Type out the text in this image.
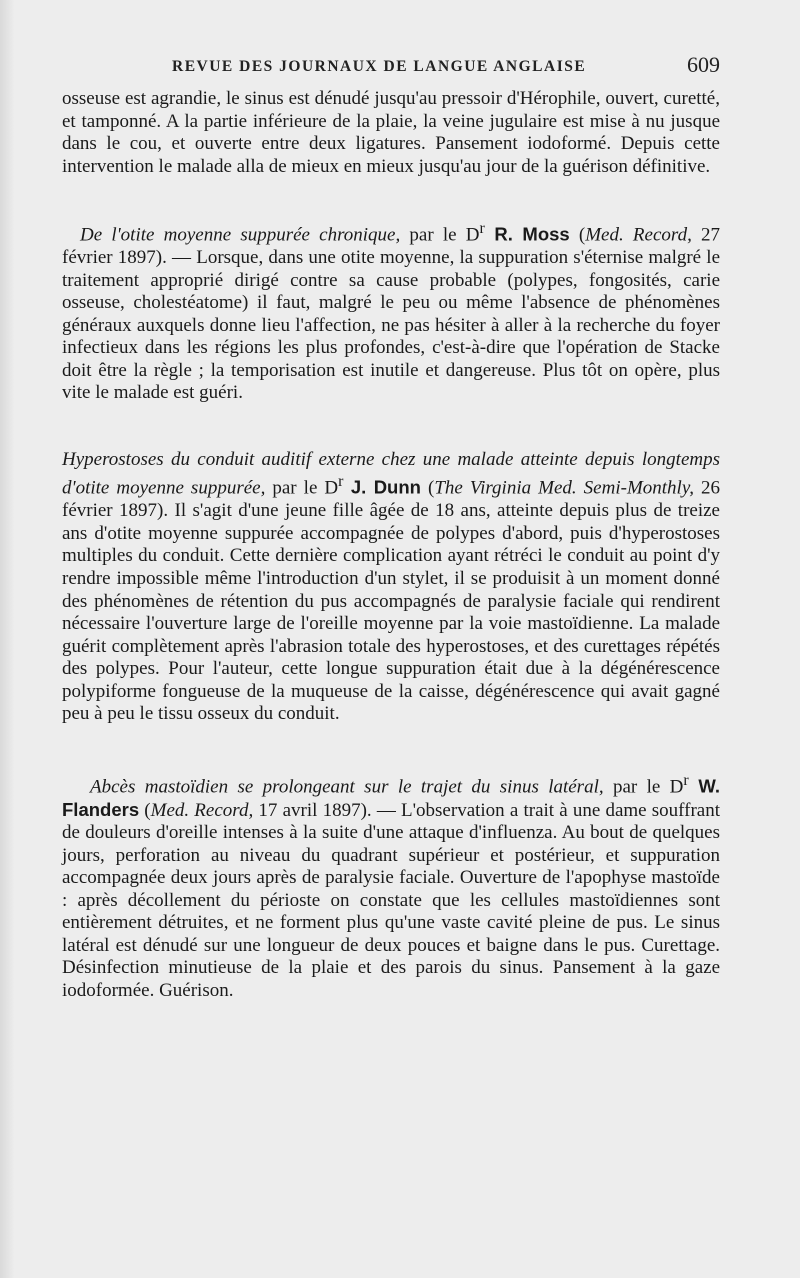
REVUE DES JOURNAUX DE LANGUE ANGLAISE	609

osseuse est agrandie, le sinus est dénudé jusqu'au pressoir d'Hérophile, ouvert, curetté, et tamponné. A la partie inférieure de la plaie, la veine jugulaire est mise à nu jusque dans le cou, et ouverte entre deux ligatures. Pansement iodoformé. Depuis cette intervention le malade alla de mieux en mieux jusqu'au jour de la guérison définitive.

De l'otite moyenne suppurée chronique, par le $D^r$ R. Moss (Med. Record, 27 février 1897). — Lorsque, dans une otite moyenne, la suppuration s'éternise malgré le traitement approprié dirigé contre sa cause probable (polypes, fongosités, carie osseuse, cholestéatome) il faut, malgré le peu ou même l'absence de phénomènes généraux auxquels donne lieu l'affection, ne pas hésiter à aller à la recherche du foyer infectieux dans les régions les plus profondes, c'est-à-dire que l'opération de Stacke doit être la règle ; la temporisation est inutile et dangereuse. Plus tôt on opère, plus vite le malade est guéri.

Hyperostoses du conduit auditif externe chez une malade atteinte depuis longtemps d'otite moyenne suppurée, par le $D^r$ J. Dunn (The Virginia Med. Semi-Monthly, 26 février 1897). Il s'agit d'une jeune fille âgée de 18 ans, atteinte depuis plus de treize ans d'otite moyenne suppurée accompagnée de polypes d'abord, puis d'hyperostoses multiples du conduit. Cette dernière complication ayant rétréci le conduit au point d'y rendre impossible même l'introduction d'un stylet, il se produisit à un moment donné des phénomènes de rétention du pus accompagnés de paralysie faciale qui rendirent nécessaire l'ouverture large de l'oreille moyenne par la voie mastoïdienne. La malade guérit complètement après l'abrasion totale des hyperostoses, et des curettages répétés des polypes. Pour l'auteur, cette longue suppuration était due à la dégénérescence polypiforme fongueuse de la muqueuse de la caisse, dégénérescence qui avait gagné peu à peu le tissu osseux du conduit.

Abcès mastoïdien se prolongeant sur le trajet du sinus latéral, par le $D^r$ W. Flanders (Med. Record, 17 avril 1897). — L'observation a trait à une dame souffrant de douleurs d'oreille intenses à la suite d'une attaque d'influenza. Au bout de quelques jours, perforation au niveau du quadrant supérieur et postérieur, et suppuration accompagnée deux jours après de paralysie faciale. Ouverture de l'apophyse mastoïde : après décollement du périoste on constate que les cellules mastoïdiennes sont entièrement détruites, et ne forment plus qu'une vaste cavité pleine de pus. Le sinus latéral est dénudé sur une longueur de deux pouces et baigne dans le pus. Curettage. Désinfection minutieuse de la plaie et des parois du sinus. Pansement à la gaze iodoformée. Guérison.
